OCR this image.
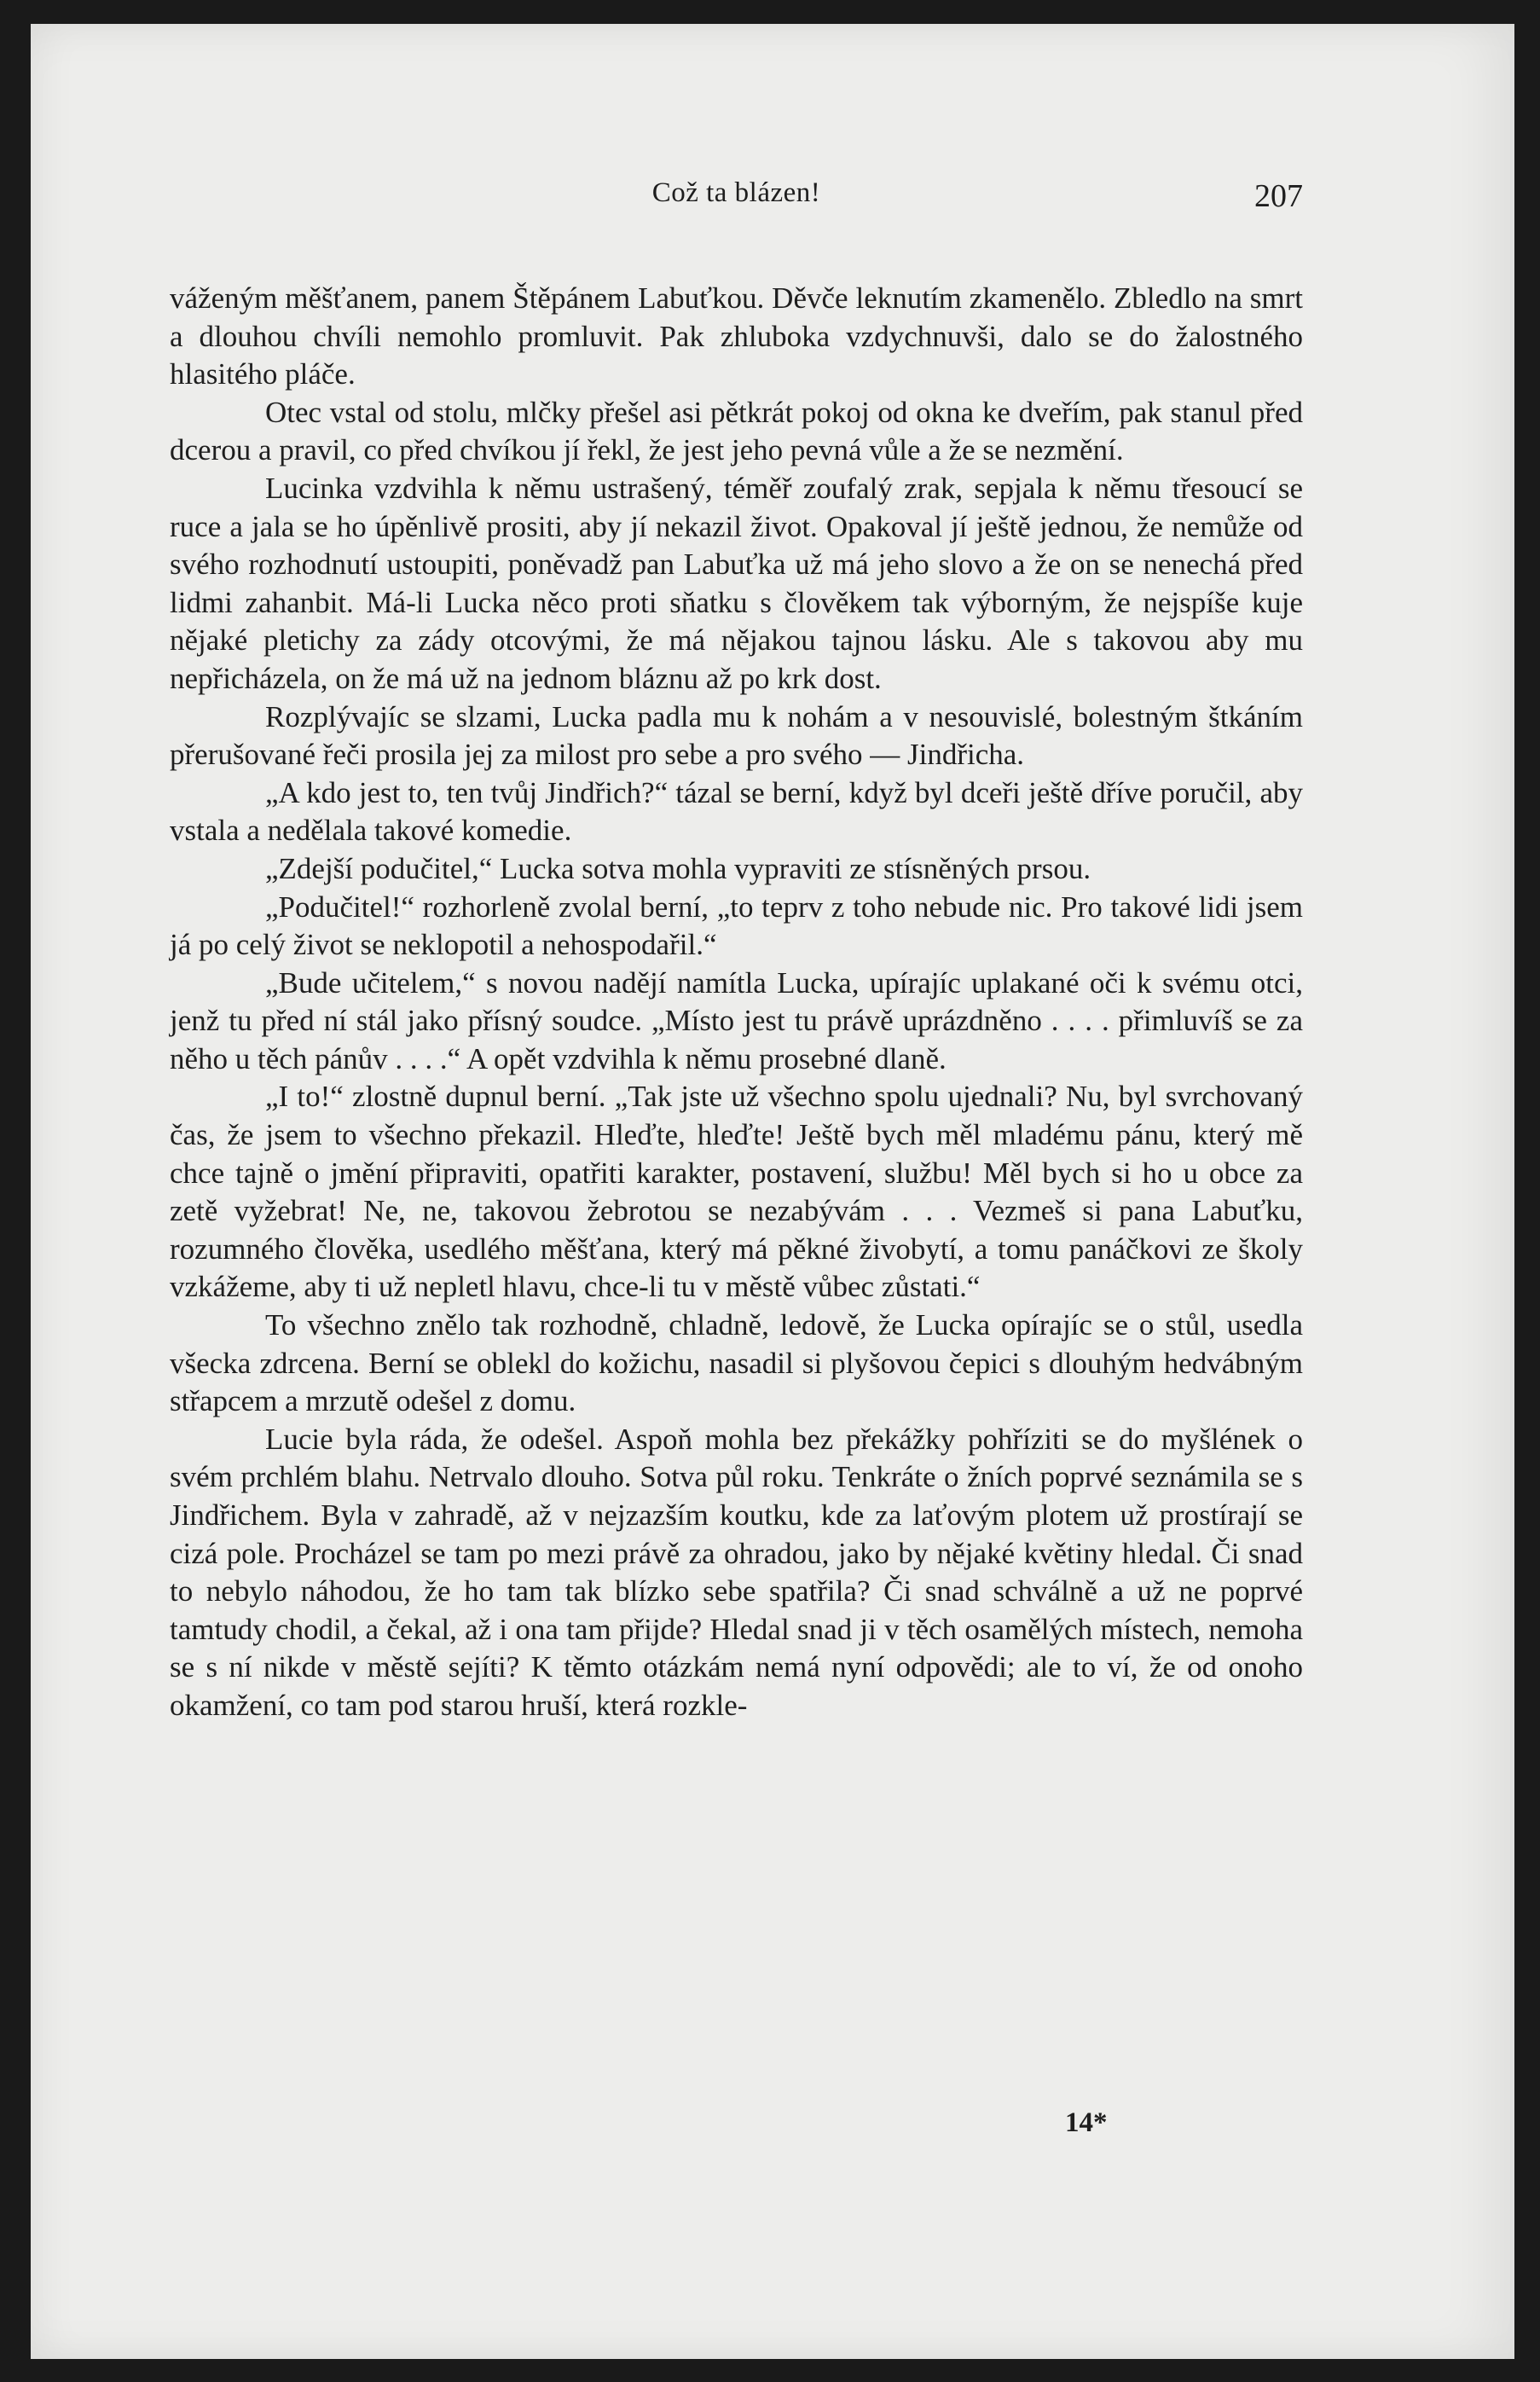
Což ta blázen!	207

váženým měšťanem, panem Štěpánem Labuťkou. Děvče leknutím zkamenělo. Zbledlo na smrt a dlouhou chvíli nemohlo promluvit. Pak zhluboka vzdychnuvši, dalo se do žalostného hlasitého pláče.

Otec vstal od stolu, mlčky přešel asi pětkrát pokoj od okna ke dveřím, pak stanul před dcerou a pravil, co před chvíkou jí řekl, že jest jeho pevná vůle a že se nezmění.

Lucinka vzdvihla k němu ustrašený, téměř zoufalý zrak, sepjala k němu třesoucí se ruce a jala se ho úpěnlivě prositi, aby jí nekazil život. Opakoval jí ještě jednou, že nemůže od svého rozhodnutí ustoupiti, poněvadž pan Labuťka už má jeho slovo a že on se nenechá před lidmi zahanbit. Má-li Lucka něco proti sňatku s člověkem tak výborným, že nejspíše kuje nějaké pletichy za zády otcovými, že má nějakou tajnou lásku. Ale s takovou aby mu nepřicházela, on že má už na jednom bláznu až po krk dost.

Rozplývajíc se slzami, Lucka padla mu k nohám a v nesouvislé, bolestným štkáním přerušované řeči prosila jej za milost pro sebe a pro svého — Jindřicha.

„A kdo jest to, ten tvůj Jindřich?“ tázal se berní, když byl dceři ještě dříve poručil, aby vstala a nedělala takové komedie.

„Zdejší podučitel,“ Lucka sotva mohla vypraviti ze stísněných prsou.

„Podučitel!“ rozhorleně zvolal berní, „to teprv z toho nebude nic. Pro takové lidi jsem já po celý život se neklopotil a nehospodařil.“

„Bude učitelem,“ s novou nadějí namítla Lucka, upírajíc uplakané oči k svému otci, jenž tu před ní stál jako přísný soudce. „Místo jest tu právě uprázdněno . . . . přimluvíš se za něho u těch pánův . . . .“ A opět vzdvihla k němu prosebné dlaně.

„I to!“ zlostně dupnul berní. „Tak jste už všechno spolu ujednali? Nu, byl svrchovaný čas, že jsem to všechno překazil. Hleďte, hleďte! Ještě bych měl mladému pánu, který mě chce tajně o jmění připraviti, opatřiti karakter, postavení, službu! Měl bych si ho u obce za zetě vyžebrat! Ne, ne, takovou žebrotou se nezabývám . . . Vezmeš si pana Labuťku, rozumného člověka, usedlého měšťana, který má pěkné živobytí, a tomu panáčkovi ze školy vzkážeme, aby ti už nepletl hlavu, chce-li tu v městě vůbec zůstati.“

To všechno znělo tak rozhodně, chladně, ledově, že Lucka opírajíc se o stůl, usedla všecka zdrcena. Berní se oblekl do kožichu, nasadil si plyšovou čepici s dlouhým hedvábným střapcem a mrzutě odešel z domu.

Lucie byla ráda, že odešel. Aspoň mohla bez překážky pohříziti se do myšlének o svém prchlém blahu. Netrvalo dlouho. Sotva půl roku. Tenkráte o žních poprvé seznámila se s Jindřichem. Byla v zahradě, až v nejzazším koutku, kde za laťovým plotem už prostírají se cizá pole. Procházel se tam po mezi právě za ohradou, jako by nějaké květiny hledal. Či snad to nebylo náhodou, že ho tam tak blízko sebe spatřila? Či snad schválně a už ne poprvé tamtudy chodil, a čekal, až i ona tam přijde? Hledal snad ji v těch osamělých místech, nemoha se s ní nikde v městě sejíti? K těmto otázkám nemá nyní odpovědi; ale to ví, že od onoho okamžení, co tam pod starou hruší, která rozkle-

14*
